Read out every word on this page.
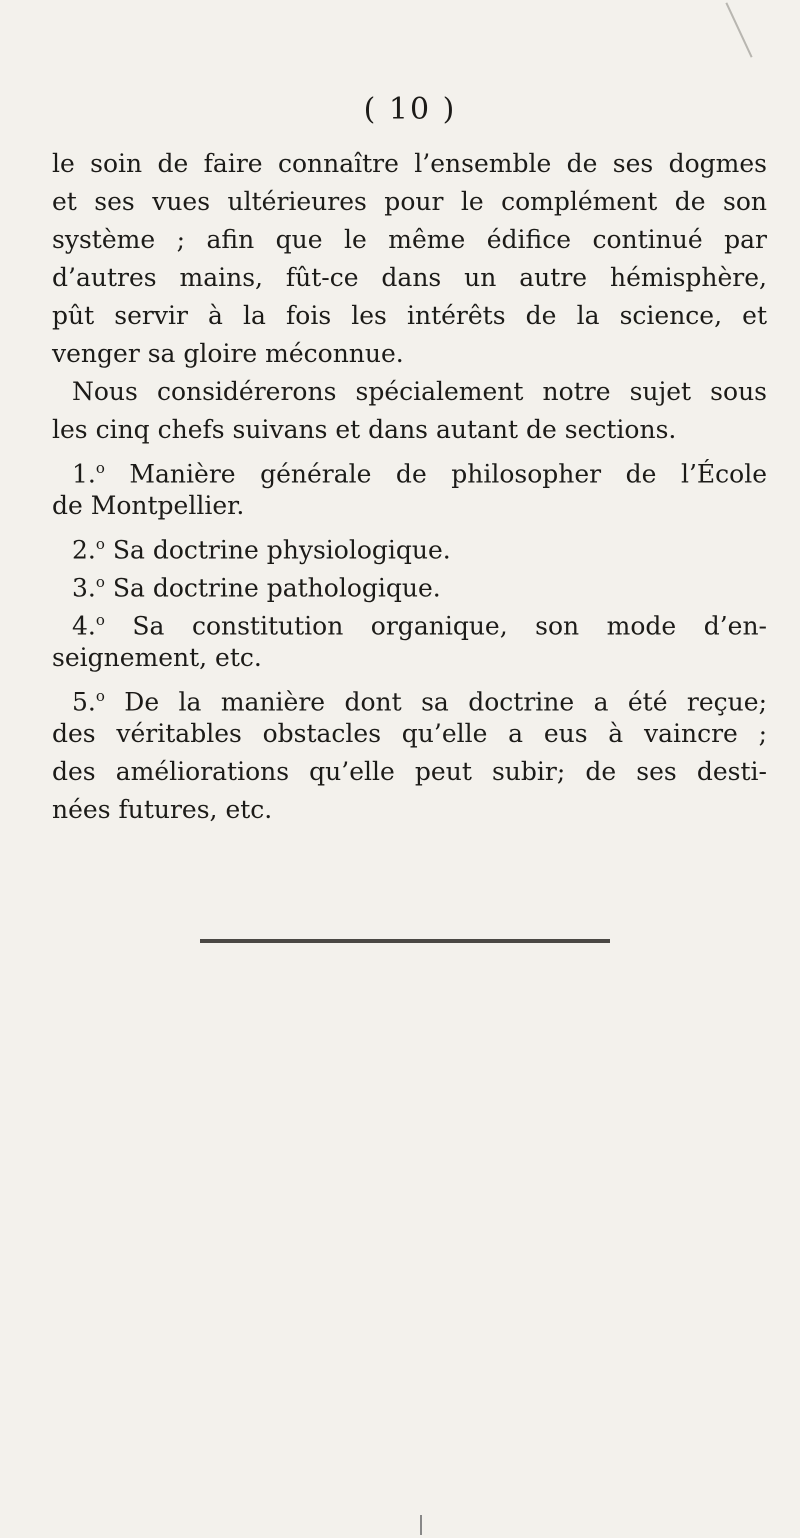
( 10 )
le soin de faire connaître l’ensemble de ses dogmes
et ses vues ultérieures pour le complément de son
système ; afin que le même édifice continué par
d’autres mains, fût-ce dans un autre hémisphère,
pût servir à la fois les intérêts de la science, et
venger sa gloire méconnue.
Nous considérerons spécialement notre sujet sous
les cinq chefs suivans et dans autant de sections.
1.$^o$ Manière générale de philosopher de l’École
de Montpellier.
2.$^o$ Sa doctrine physiologique.
3.$^o$ Sa doctrine pathologique.
4.$^o$ Sa constitution organique, son mode d’en-
seignement, etc.
5.$^o$ De la manière dont sa doctrine a été reçue;
des véritables obstacles qu’elle a eus à vaincre ;
des améliorations qu’elle peut subir; de ses desti-
nées futures, etc.
